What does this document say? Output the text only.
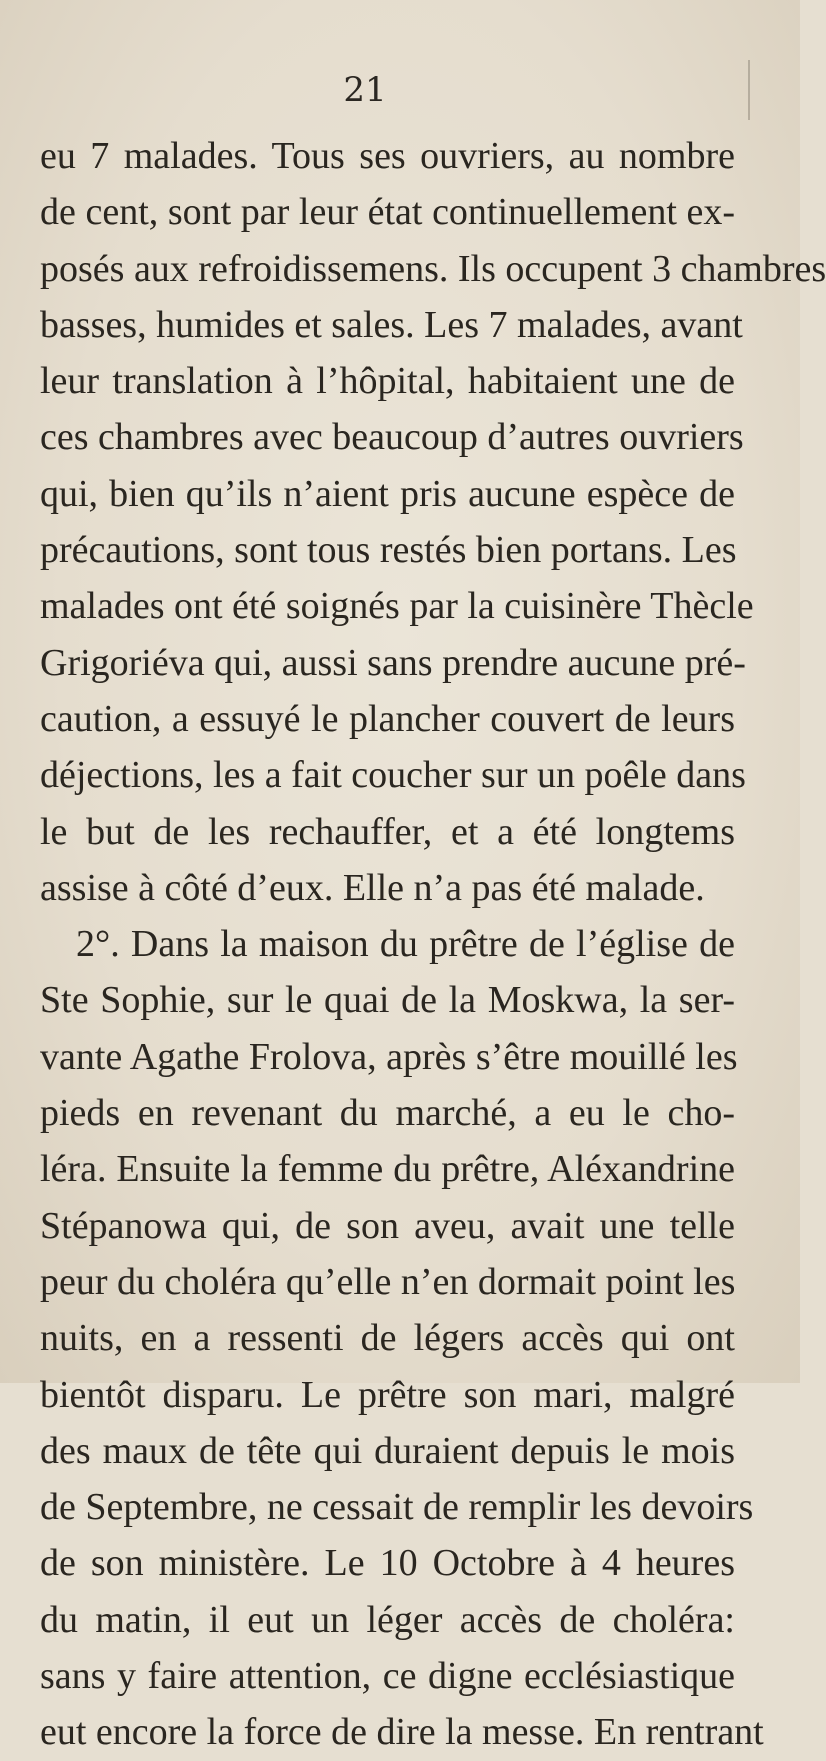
21
eu 7 malades. Tous ses ouvriers, au nombre
de cent, sont par leur état continuellement ex-
posés aux refroidissemens. Ils occupent 3 chambres
basses, humides et sales. Les 7 malades, avant
leur translation à l’hôpital, habitaient une de
ces chambres avec beaucoup d’autres ouvriers
qui, bien qu’ils n’aient pris aucune espèce de
précautions, sont tous restés bien portans. Les
malades ont été soignés par la cuisinère Thècle
Grigoriéva qui, aussi sans prendre aucune pré-
caution, a essuyé le plancher couvert de leurs
déjections, les a fait coucher sur un poêle dans
le but de les rechauffer, et a été longtems
assise à côté d’eux. Elle n’a pas été malade.
2°. Dans la maison du prêtre de l’église de
Ste Sophie, sur le quai de la Moskwa, la ser-
vante Agathe Frolova, après s’être mouillé les
pieds en revenant du marché, a eu le cho-
léra. Ensuite la femme du prêtre, Aléxandrine
Stépanowa qui, de son aveu, avait une telle
peur du choléra qu’elle n’en dormait point les
nuits, en a ressenti de légers accès qui ont
bientôt disparu. Le prêtre son mari, malgré
des maux de tête qui duraient depuis le mois
de Septembre, ne cessait de remplir les devoirs
de son ministère. Le 10 Octobre à 4 heures
du matin, il eut un léger accès de choléra:
sans y faire attention, ce digne ecclésiastique
eut encore la force de dire la messe. En rentrant
